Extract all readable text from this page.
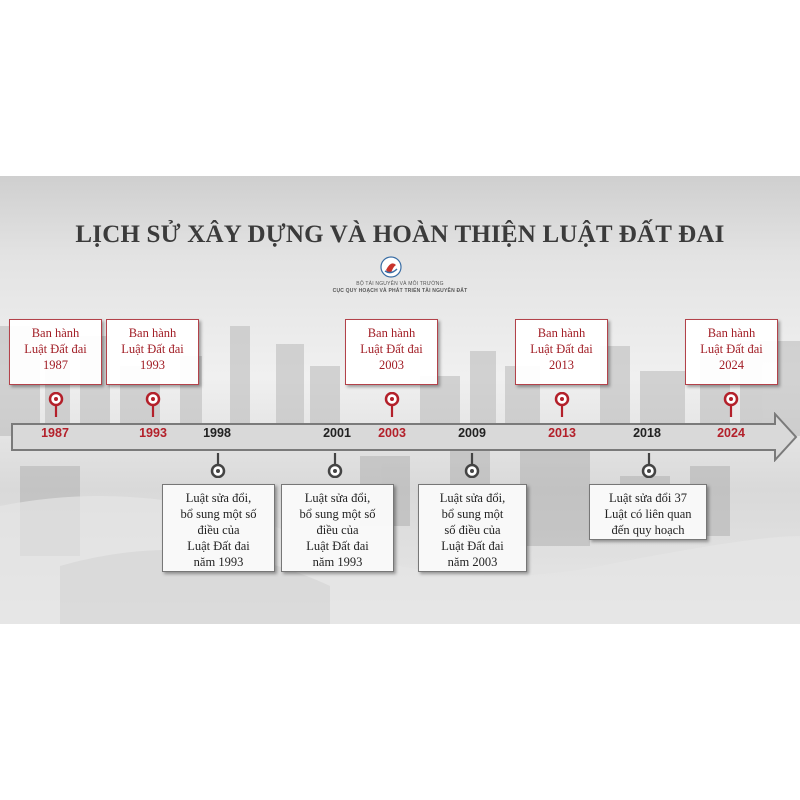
LỊCH SỬ XÂY DỰNG VÀ HOÀN THIỆN LUẬT ĐẤT ĐAI
BỘ TÀI NGUYÊN VÀ MÔI TRƯỜNG
CỤC QUY HOẠCH VÀ PHÁT TRIỂN TÀI NGUYÊN ĐẤT
1987	1993	1998	2001	2003	2009	2013	2018	2024
Ban hành
Luật Đất đai
1987
Ban hành
Luật Đất đai
1993
Ban hành
Luật Đất đai
2003
Ban hành
Luật Đất đai
2013
Ban hành
Luật Đất đai
2024
Luật sửa đổi,
bổ sung một số
điều của
Luật Đất đai
năm 1993
Luật sửa đổi,
bổ sung một số
điều của
Luật Đất đai
năm 1993
Luật sửa đổi,
bổ sung một
số điều của
Luật Đất đai
năm 2003
Luật sửa đổi 37
Luật có liên quan
đến quy hoạch
